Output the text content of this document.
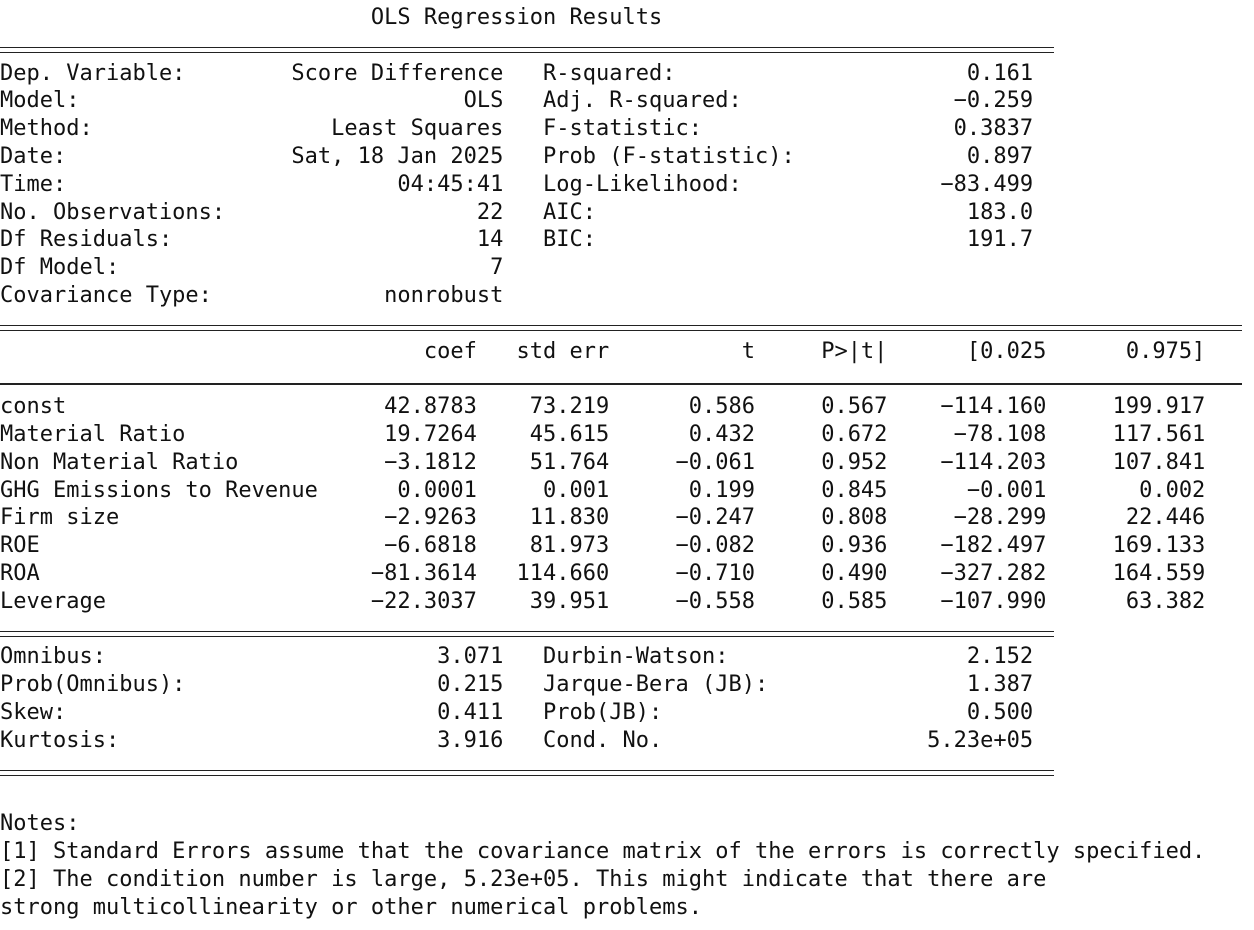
OLS Regression Results
Dep. Variable:        Score Difference   R-squared:                      0.161
Model:                             OLS   Adj. R-squared:                −0.259
Method:                  Least Squares   F-statistic:                   0.3837
Date:                 Sat, 18 Jan 2025   Prob (F-statistic):             0.897
Time:                         04:45:41   Log-Likelihood:               −83.499
No. Observations:                   22   AIC:                            183.0
Df Residuals:                       14   BIC:                            191.7
Df Model:                            7
Covariance Type:             nonrobust
coef   std err          t     P>|t|      [0.025      0.975]
const                        42.8783    73.219      0.586     0.567    −114.160     199.917
Material Ratio               19.7264    45.615      0.432     0.672     −78.108     117.561
Non Material Ratio           −3.1812    51.764     −0.061     0.952    −114.203     107.841
GHG Emissions to Revenue      0.0001     0.001      0.199     0.845      −0.001       0.002
Firm size                    −2.9263    11.830     −0.247     0.808     −28.299      22.446
ROE                          −6.6818    81.973     −0.082     0.936    −182.497     169.133
ROA                         −81.3614   114.660     −0.710     0.490    −327.282     164.559
Leverage                    −22.3037    39.951     −0.558     0.585    −107.990      63.382
Omnibus:                         3.071   Durbin-Watson:                  2.152
Prob(Omnibus):                   0.215   Jarque-Bera (JB):               1.387
Skew:                            0.411   Prob(JB):                       0.500
Kurtosis:                        3.916   Cond. No.                    5.23e+05
Notes:
[1] Standard Errors assume that the covariance matrix of the errors is correctly specified.
[2] The condition number is large, 5.23e+05. This might indicate that there are
strong multicollinearity or other numerical problems.
